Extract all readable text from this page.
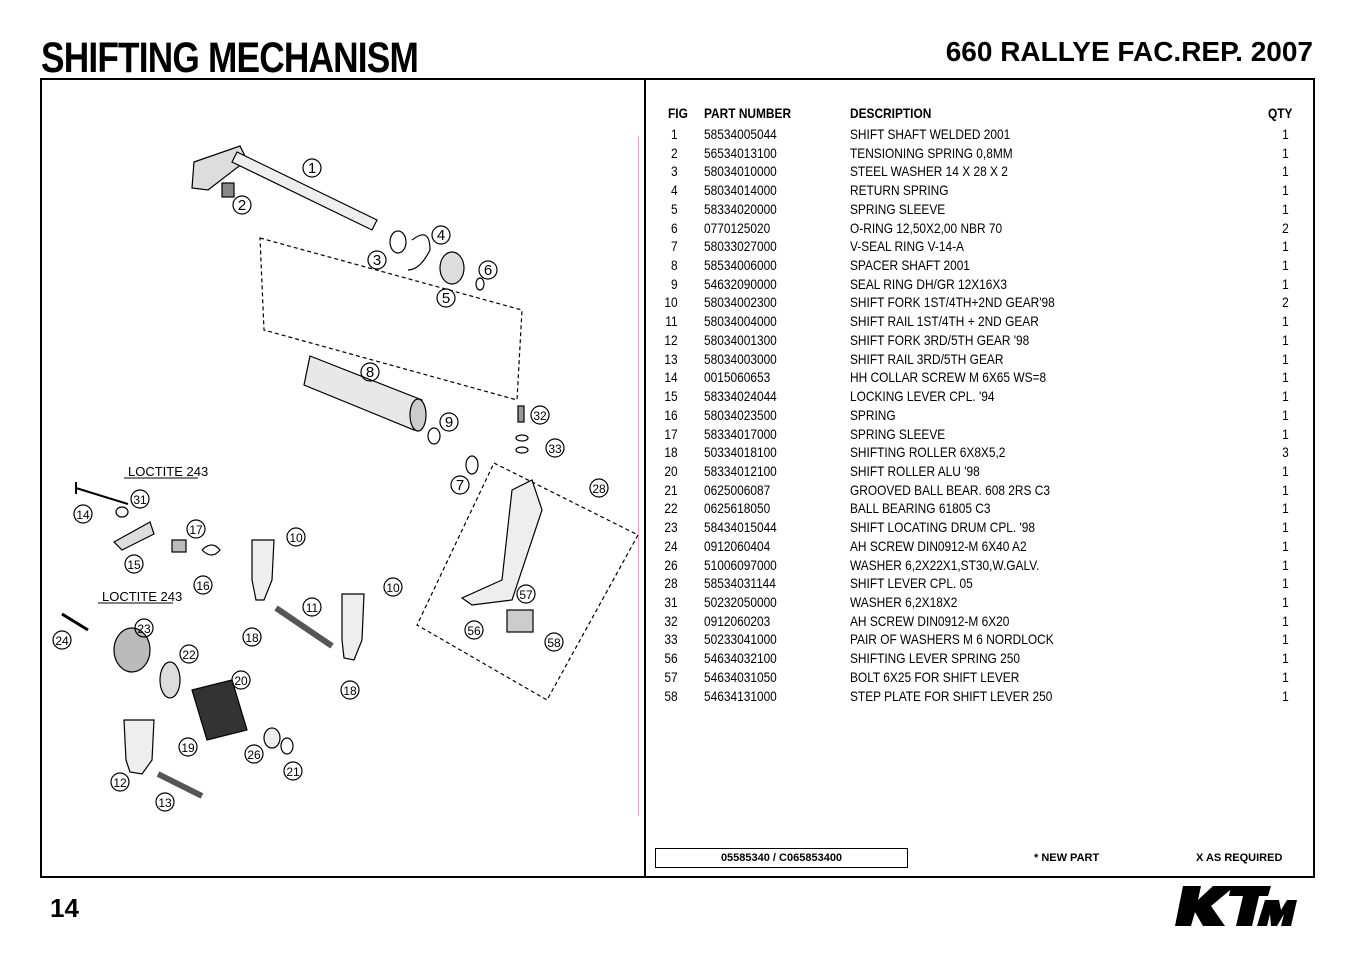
SHIFTING MECHANISM	660 RALLYE FAC.REP. 2007
LOCTITE 243
LOCTITE 243
1
2
3
4
5
6
8
9	32
33
7	28
31
14
17
10
15
16	10
11
57
24
23
22
18	56
58
20
18
19	26
21
12
13
FIG PART NUMBER	DESCRIPTION	QTY
1 58534005044	SHIFT SHAFT WELDED 2001	1
2 56534013100	TENSIONING SPRING 0,8MM	1
3 58034010000	STEEL WASHER 14 X 28 X 2	1
4 58034014000	RETURN SPRING	1
5 58334020000	SPRING SLEEVE	1
6 0770125020	O-RING 12,50X2,00 NBR 70	2
7 58033027000	V-SEAL RING V-14-A	1
8 58534006000	SPACER SHAFT 2001	1
9 54632090000	SEAL RING DH/GR 12X16X3	1
10 58034002300	SHIFT FORK 1ST/4TH+2ND GEAR'98	2
11 58034004000	SHIFT RAIL 1ST/4TH + 2ND GEAR	1
12 58034001300	SHIFT FORK 3RD/5TH GEAR '98	1
13 58034003000	SHIFT RAIL 3RD/5TH GEAR	1
14 0015060653	HH COLLAR SCREW M 6X65 WS=8	1
15 58334024044	LOCKING LEVER CPL. '94	1
16 58034023500	SPRING	1
17 58334017000	SPRING SLEEVE	1
18 50334018100	SHIFTING ROLLER 6X8X5,2	3
20 58334012100	SHIFT ROLLER ALU '98	1
21 0625006087	GROOVED BALL BEAR. 608 2RS C3	1
22 0625618050	BALL BEARING 61805 C3	1
23 58434015044	SHIFT LOCATING DRUM CPL. '98	1
24 0912060404	AH SCREW DIN0912-M 6X40 A2	1
26 51006097000	WASHER 6,2X22X1,ST30,W.GALV.	1
28 58534031144	SHIFT LEVER CPL. 05	1
31 50232050000	WASHER 6,2X18X2	1
32 0912060203	AH SCREW DIN0912-M 6X20	1
33 50233041000	PAIR OF WASHERS M 6 NORDLOCK	1
56 54634032100	SHIFTING LEVER SPRING 250	1
57 54634031050	BOLT 6X25 FOR SHIFT LEVER	1
58 54634131000	STEP PLATE FOR SHIFT LEVER 250	1
05585340 / C065853400	* NEW PART	X AS REQUIRED
14
